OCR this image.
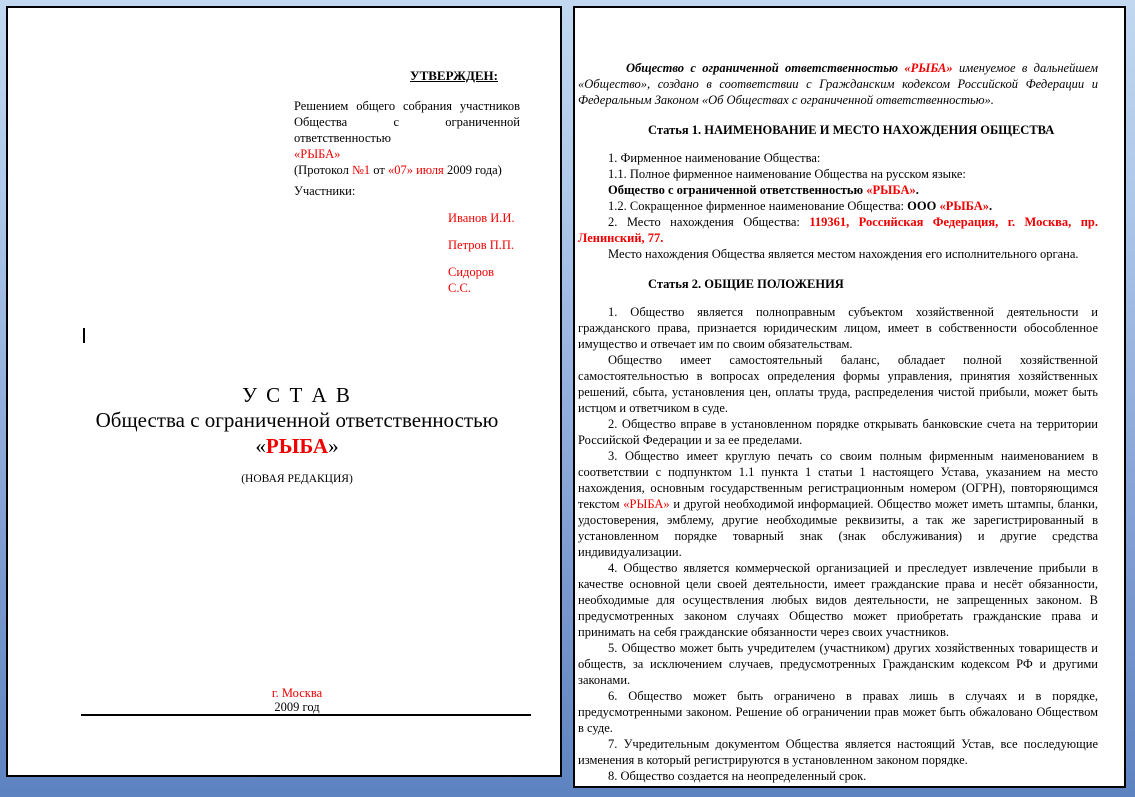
УТВЕРЖДЕН:
Решением общего собрания участников
Общества с ограниченной ответственностью
«РЫБА»
(Протокол №1 от «07» июля 2009 года)
Участники:
Иванов И.И.
Петров П.П.
Сидоров С.С.
У С Т А В
Общества с ограниченной ответственностью
«РЫБА»
(НОВАЯ РЕДАКЦИЯ)
г. Москва
2009 год

Общество с ограниченной ответственностью «РЫБА» именуемое в дальнейшем «Общество», создано в соответствии с Гражданским кодексом Российской Федерации и Федеральным Законом «Об Обществах с ограниченной ответственностью».

Статья 1. НАИМЕНОВАНИЕ И МЕСТО НАХОЖДЕНИЯ ОБЩЕСТВА

1. Фирменное наименование Общества:

1.1. Полное фирменное наименование Общества на русском языке:

Общество с ограниченной ответственностью «РЫБА».

1.2. Сокращенное фирменное наименование Общества: ООО «РЫБА».

2. Место нахождения Общества: 119361, Российская Федерация, г. Москва, пр. Ленинский, 77.

Место нахождения Общества является местом нахождения его исполнительного органа.

Статья 2. ОБЩИЕ ПОЛОЖЕНИЯ

1. Общество является полноправным субъектом хозяйственной деятельности и гражданского права, признается юридическим лицом, имеет в собственности обособленное имущество и отвечает им по своим обязательствам.

Общество имеет самостоятельный баланс, обладает полной хозяйственной самостоятельностью в вопросах определения формы управления, принятия хозяйственных решений, сбыта, установления цен, оплаты труда, распределения чистой прибыли, может быть истцом и ответчиком в суде.

2. Общество вправе в установленном порядке открывать банковские счета на территории Российской Федерации и за ее пределами.

3. Общество имеет круглую печать со своим полным фирменным наименованием в соответствии с подпунктом 1.1 пункта 1 статьи 1 настоящего Устава, указанием на место нахождения, основным государственным регистрационным номером (ОГРН), повторяющимся текстом «РЫБА» и другой необходимой информацией. Общество может иметь штампы, бланки, удостоверения, эмблему, другие необходимые реквизиты, а так же зарегистрированный в установленном порядке товарный знак (знак обслуживания) и другие средства индивидуализации.

4. Общество является коммерческой организацией и преследует извлечение прибыли в качестве основной цели своей деятельности, имеет гражданские права и несёт обязанности, необходимые для осуществления любых видов деятельности, не запрещенных законом. В предусмотренных законом случаях Общество может приобретать гражданские права и принимать на себя гражданские обязанности через своих участников.

5. Общество может быть учредителем (участником) других хозяйственных товариществ и обществ, за исключением случаев, предусмотренных Гражданским кодексом РФ и другими законами.

6. Общество может быть ограничено в правах лишь в случаях и в порядке, предусмотренными законом. Решение об ограничении прав может быть обжаловано Обществом в суде.

7. Учредительным документом Общества является настоящий Устав, все последующие изменения в который регистрируются в установленном законом порядке.

8. Общество создается на неопределенный срок.
